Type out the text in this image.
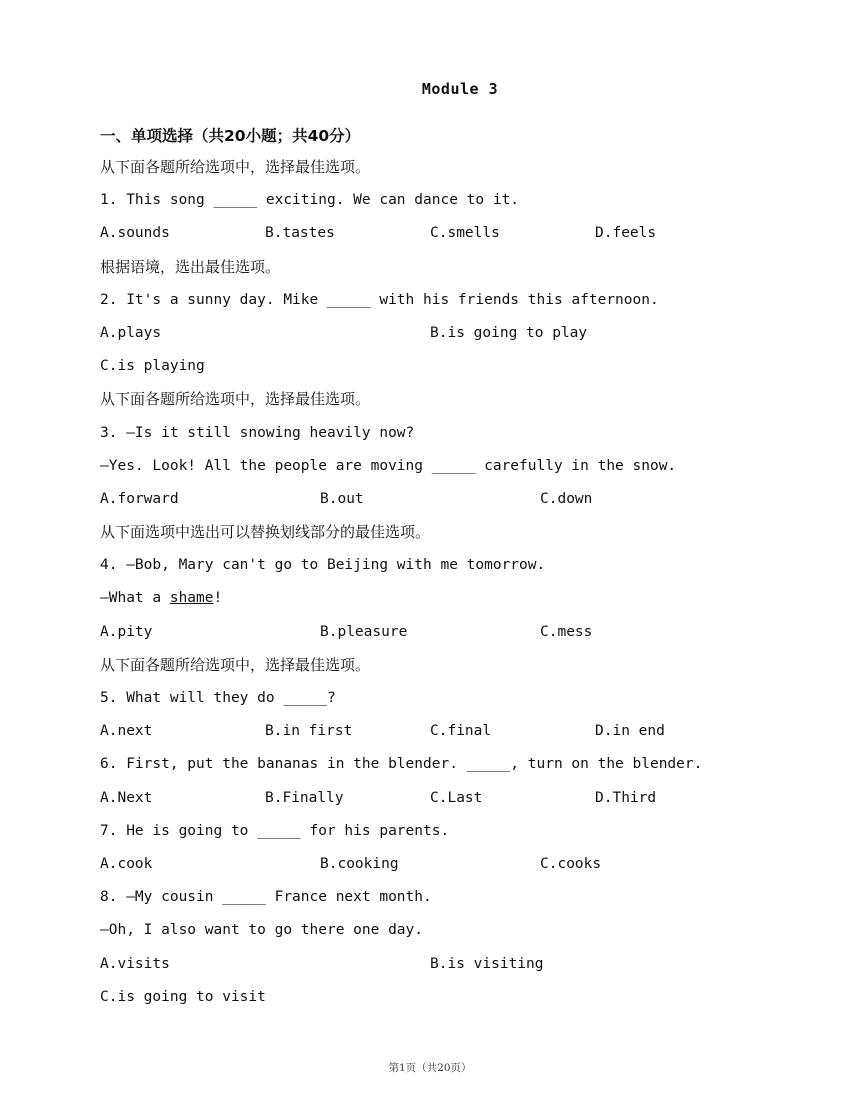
Module 3
一、单项选择（共20小题；共40分）
从下面各题所给选项中，选择最佳选项。
1. This song _____ exciting. We can dance to it.
A.sounds	B.tastes	C.smells	D.feels
根据语境，选出最佳选项。
2. It's a sunny day. Mike _____ with his friends this afternoon.
A.plays	B.is going to play
C.is playing
从下面各题所给选项中，选择最佳选项。
3. —Is it still snowing heavily now?
—Yes. Look! All the people are moving _____ carefully in the snow.
A.forward	B.out	C.down
从下面选项中选出可以替换划线部分的最佳选项。
4. —Bob, Mary can't go to Beijing with me tomorrow.
—What a shame!
A.pity	B.pleasure	C.mess
从下面各题所给选项中，选择最佳选项。
5. What will they do _____?
A.next	B.in first	C.final	D.in end
6. First, put the bananas in the blender. _____, turn on the blender.
A.Next	B.Finally	C.Last	D.Third
7. He is going to _____ for his parents.
A.cook	B.cooking	C.cooks
8. —My cousin _____ France next month.
—Oh, I also want to go there one day.
A.visits	B.is visiting
C.is going to visit
第1页（共20页）
